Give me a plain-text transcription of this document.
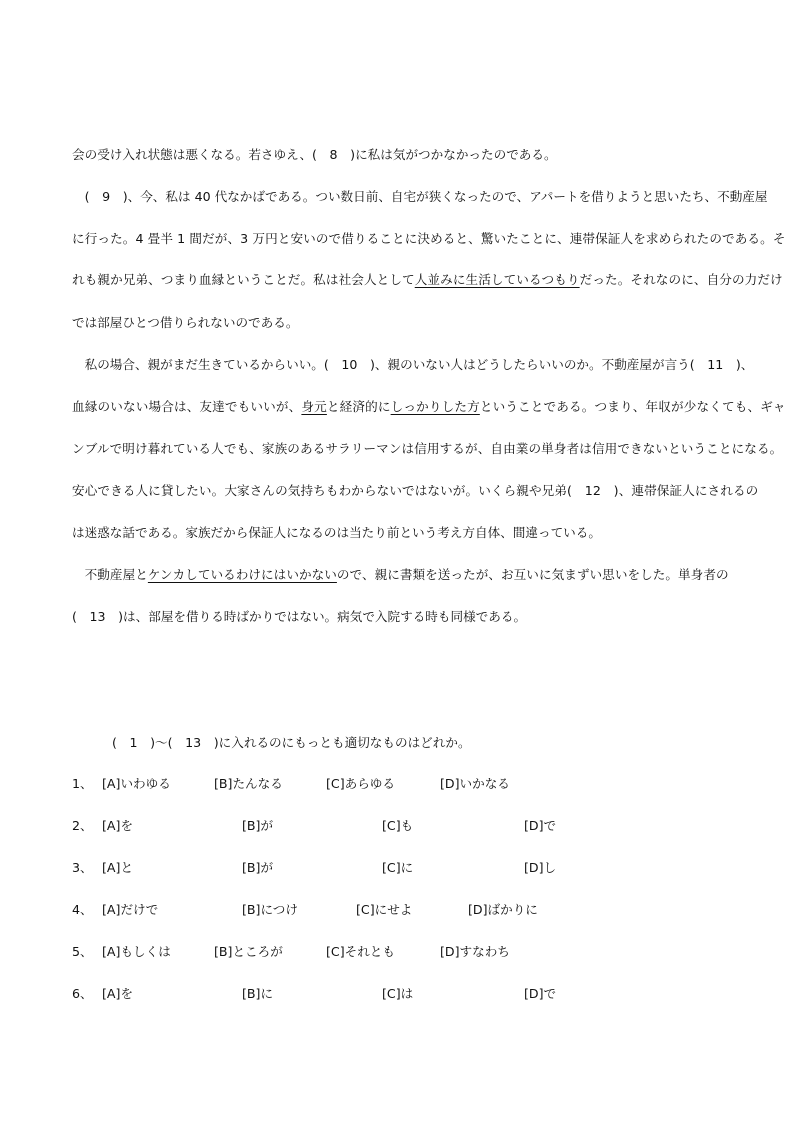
会の受け入れ状態は悪くなる。若さゆえ、(　8　)に私は気がつかなかったのである。
　(　9　)、今、私は 40 代なかばである。つい数日前、自宅が狭くなったので、アパートを借りようと思いたち、不動産屋
に行った。4 畳半 1 間だが、3 万円と安いので借りることに決めると、驚いたことに、連帯保証人を求められたのである。そ
れも親か兄弟、つまり血縁ということだ。私は社会人として人並みに生活しているつもりだった。それなのに、自分の力だけ
では部屋ひとつ借りられないのである。
　私の場合、親がまだ生きているからいい。(　10　)、親のいない人はどうしたらいいのか。不動産屋が言う(　11　)、
血縁のいない場合は、友達でもいいが、身元と経済的にしっかりした方ということである。つまり、年収が少なくても、ギャ
ンブルで明け暮れている人でも、家族のあるサラリーマンは信用するが、自由業の単身者は信用できないということになる。
安心できる人に貸したい。大家さんの気持ちもわからないではないが。いくら親や兄弟(　12　)、連帯保証人にされるの
は迷惑な話である。家族だから保証人になるのは当たり前という考え方自体、間違っている。
　不動産屋とケンカしているわけにはいかないので、親に書類を送ったが、お互いに気まずい思いをした。単身者の
(　13　)は、部屋を借りる時ばかりではない。病気で入院する時も同様である。
(　1　)～(　13　)に入れるのにもっとも適切なものはどれか。
1、 [A]いわゆる	[B]たんなる	[C]あらゆる	[D]いかなる
2、 [A]を	[B]が	[C]も	[D]で
3、 [A]と	[B]が	[C]に	[D]し
4、 [A]だけで	[B]につけ	[C]にせよ	[D]ばかりに
5、 [A]もしくは	[B]ところが	[C]それとも	[D]すなわち
6、 [A]を	[B]に	[C]は	[D]で
